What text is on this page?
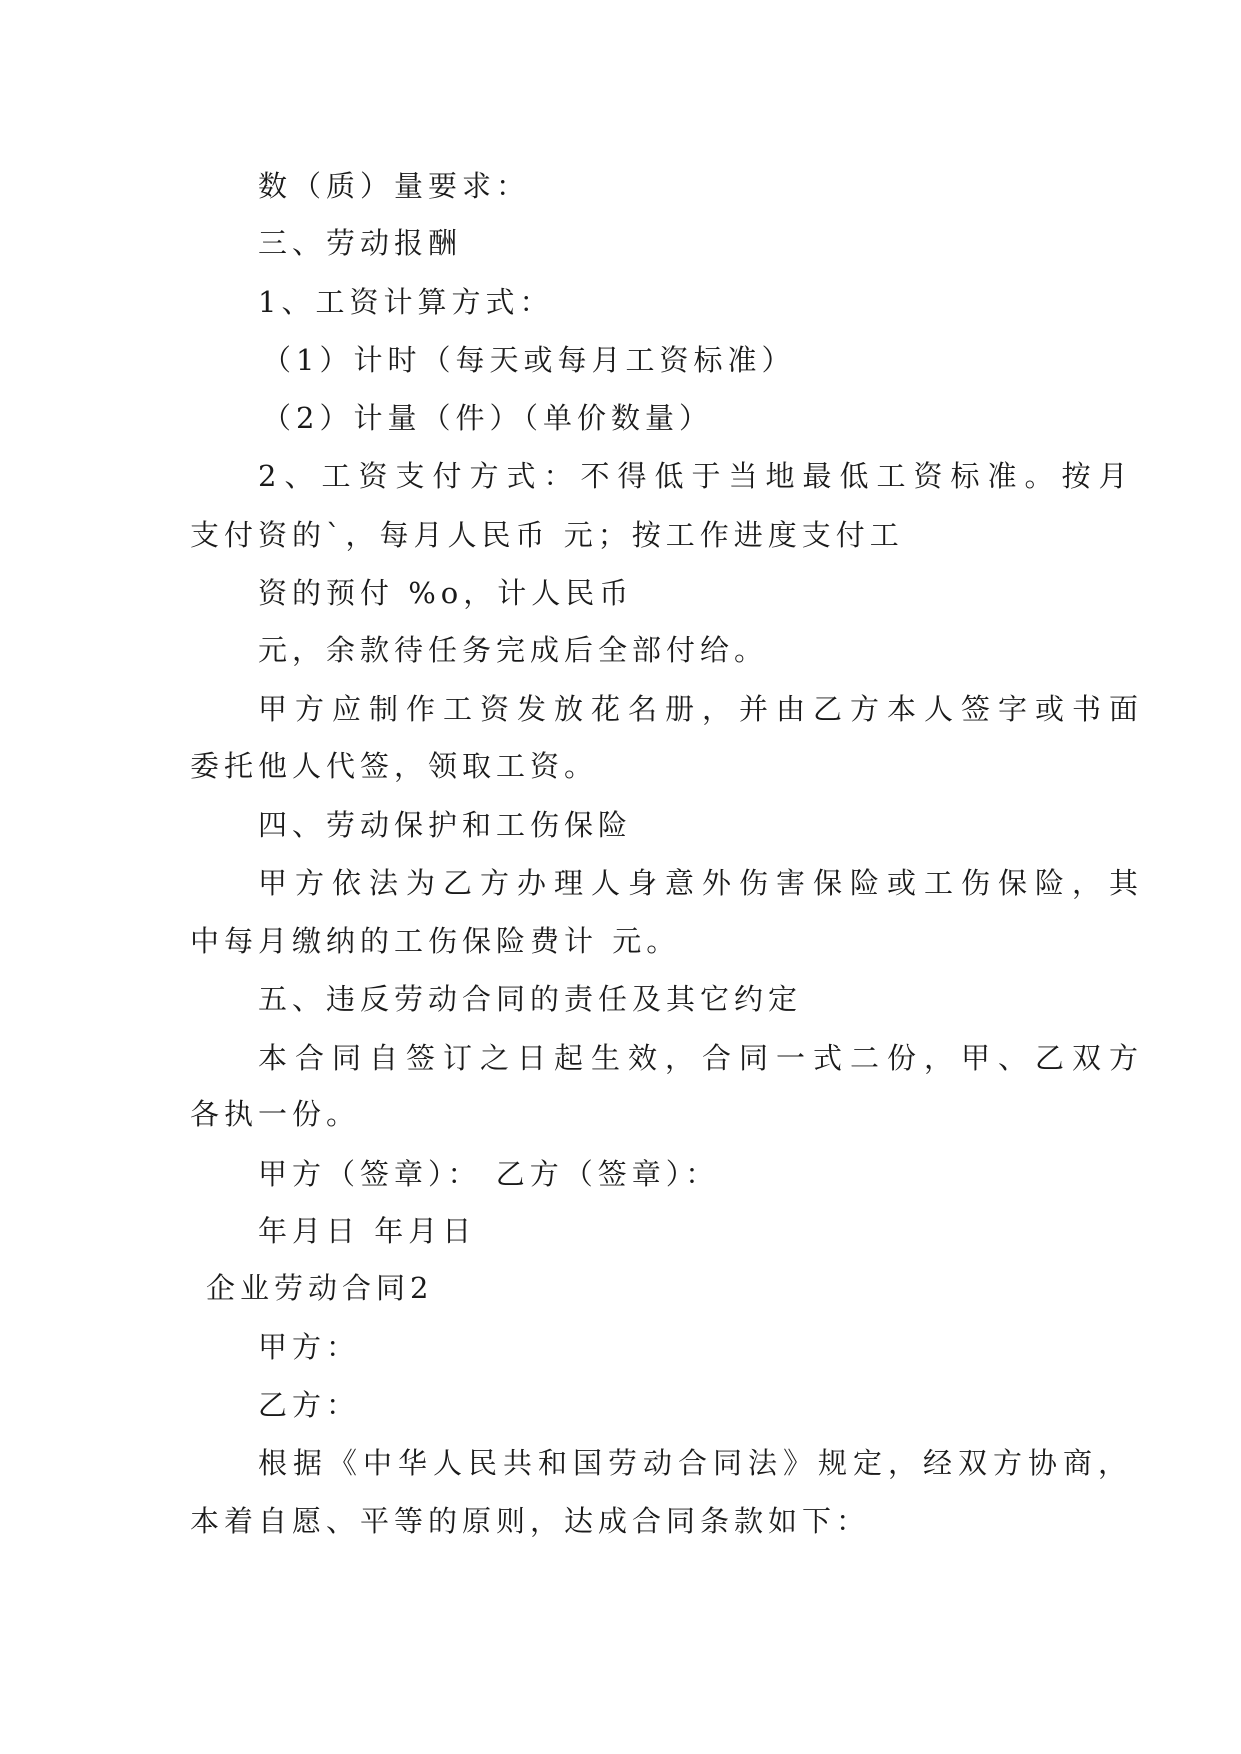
数（质）量要求：
三、劳动报酬
1、工资计算方式：
（1）计时（每天或每月工资标准）
（2）计量（件）（单价数量）
2、工资支付方式：不得低于当地最低工资标准。按月
支付资的`，每月人民币 元；按工作进度支付工
资的预付 %o，计人民币
元，余款待任务完成后全部付给。
甲方应制作工资发放花名册，并由乙方本人签字或书面
委托他人代签，领取工资。
四、劳动保护和工伤保险
甲方依法为乙方办理人身意外伤害保险或工伤保险，其
中每月缴纳的工伤保险费计 元。
五、违反劳动合同的责任及其它约定
本合同自签订之日起生效，合同一式二份，甲、乙双方
各执一份。
甲方（签章）： 乙方（签章）：
年月日 年月日
企业劳动合同2
甲方：
乙方：
根据《中华人民共和国劳动合同法》规定，经双方协商，
本着自愿、平等的原则，达成合同条款如下：
